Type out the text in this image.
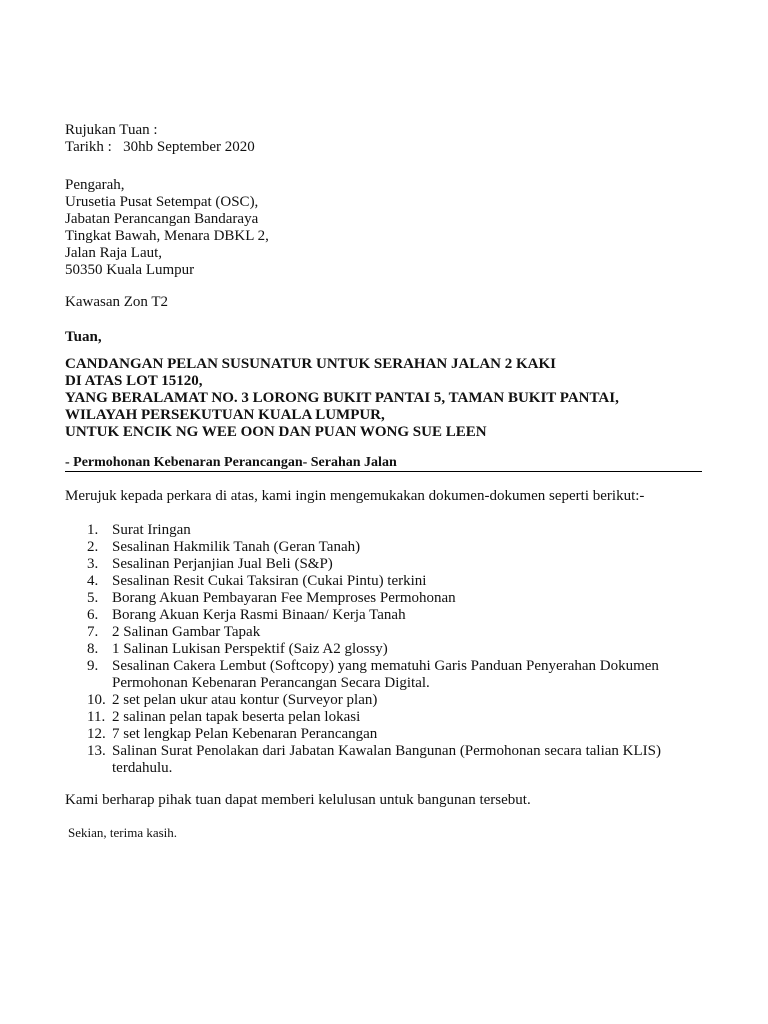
Rujukan Tuan :
Tarikh : 30hb September 2020
Pengarah,
Urusetia Pusat Setempat (OSC),
Jabatan Perancangan Bandaraya
Tingkat Bawah, Menara DBKL 2,
Jalan Raja Laut,
50350 Kuala Lumpur
Kawasan Zon T2
Tuan,
CANDANGAN PELAN SUSUNATUR UNTUK SERAHAN JALAN 2 KAKI
DI ATAS LOT 15120,
YANG BERALAMAT NO. 3 LORONG BUKIT PANTAI 5, TAMAN BUKIT PANTAI,
WILAYAH PERSEKUTUAN KUALA LUMPUR,
UNTUK ENCIK NG WEE OON DAN PUAN WONG SUE LEEN
- Permohonan Kebenaran Perancangan- Serahan Jalan
Merujuk kepada perkara di atas, kami ingin mengemukakan dokumen-dokumen seperti berikut:-
1. Surat Iringan
2. Sesalinan Hakmilik Tanah (Geran Tanah)
3. Sesalinan Perjanjian Jual Beli (S&P)
4. Sesalinan Resit Cukai Taksiran (Cukai Pintu) terkini
5. Borang Akuan Pembayaran Fee Memproses Permohonan
6. Borang Akuan Kerja Rasmi Binaan/ Kerja Tanah
7. 2 Salinan Gambar Tapak
8. 1 Salinan Lukisan Perspektif (Saiz A2 glossy)
9. Sesalinan Cakera Lembut (Softcopy) yang mematuhi Garis Panduan Penyerahan Dokumen
Permohonan Kebenaran Perancangan Secara Digital.
10. 2 set pelan ukur atau kontur (Surveyor plan)
11. 2 salinan pelan tapak beserta pelan lokasi
12. 7 set lengkap Pelan Kebenaran Perancangan
13. Salinan Surat Penolakan dari Jabatan Kawalan Bangunan (Permohonan secara talian KLIS)
terdahulu.
Kami berharap pihak tuan dapat memberi kelulusan untuk bangunan tersebut.
Sekian, terima kasih.
